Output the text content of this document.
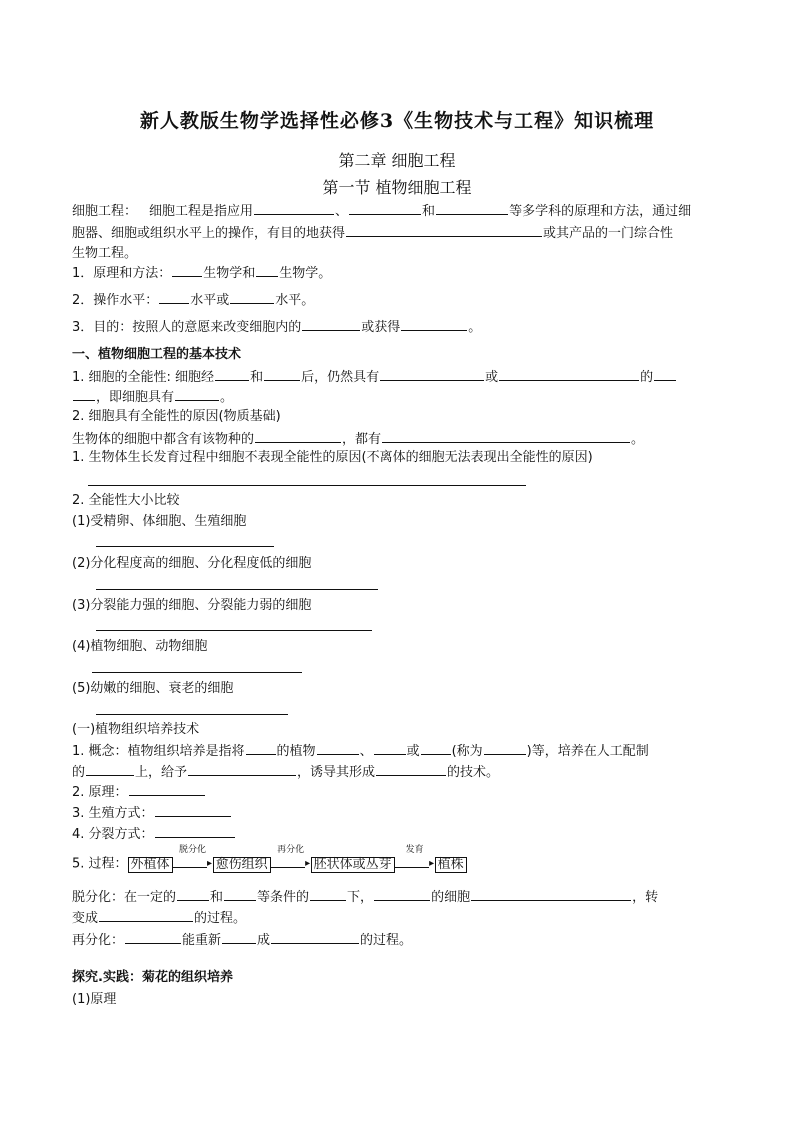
新人教版生物学选择性必修3《生物技术与工程》知识梳理
第二章 细胞工程
第一节 植物细胞工程
细胞工程： 细胞工程是指应用	、	和	等多学科的原理和方法，通过细
胞器、细胞或组织水平上的操作，有目的地获得	或其产品的一门综合性
生物工程。
1．原理和方法： 生物学和 生物学。
2．操作水平： 水平或	水平。
3．目的：按照人的意愿来改变细胞内的	或获得	。
一、植物细胞工程的基本技术
1. 细胞的全能性: 细胞经	和	后，仍然具有	或	的
，即细胞具有	。
2. 细胞具有全能性的原因(物质基础)
生物体的细胞中都含有该物种的	，都有	。
1. 生物体生长发育过程中细胞不表现全能性的原因(不离体的细胞无法表现出全能性的原因)
2. 全能性大小比较
(1)受精卵、体细胞、生殖细胞
(2)分化程度高的细胞、分化程度低的细胞
(3)分裂能力强的细胞、分裂能力弱的细胞
(4)植物细胞、动物细胞
(5)幼嫩的细胞、衰老的细胞
(一)植物组织培养技术
1. 概念：植物组织培养是指将 的植物	、	或 (称为	)等，培养在人工配制
的	上，给予	，诱导其形成	的技术。
2. 原理：
3. 生殖方式：
4. 分裂方式：
5. 过程： 外植体
脱分化
▸ 愈伤组织
再分化
▸ 胚状体或丛芽
发育
▸ 植株
脱分化：在一定的	和	等条件的	下，	的细胞	，转
变成	的过程。
再分化：	能重新	成	的过程。
探究.实践：菊花的组织培养
(1)原理
